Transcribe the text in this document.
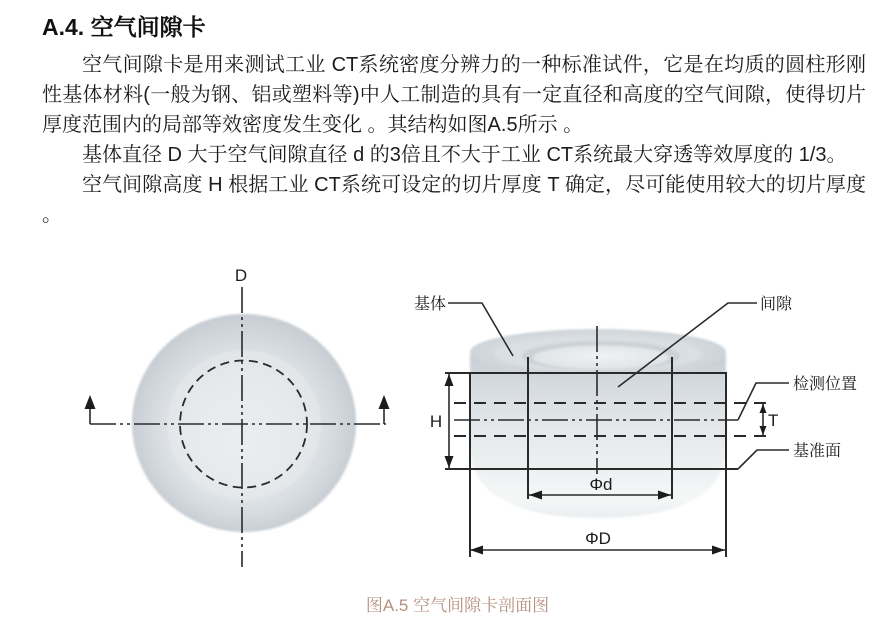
A.4. 空气间隙卡

空气间隙卡是用来测试工业 CT系统密度分辨力的一种标准试件，它是在均质的圆柱形刚性基体材料(一般为钢、铝或塑料等)中人工制造的具有一定直径和高度的空气间隙，使得切片厚度范围内的局部等效密度发生变化 。其结构如图A.5所示 。

基体直径 D 大于空气间隙直径 d 的3倍且不大于工业 CT系统最大穿透等效厚度的 1/3。

空气间隙高度 H 根据工业 CT系统可设定的切片厚度 T 确定，尽可能使用较大的切片厚度 。

D
H	T
Φd
ΦD
基体	间隙
检测位置
基准面
图A.5 空气间隙卡剖面图
